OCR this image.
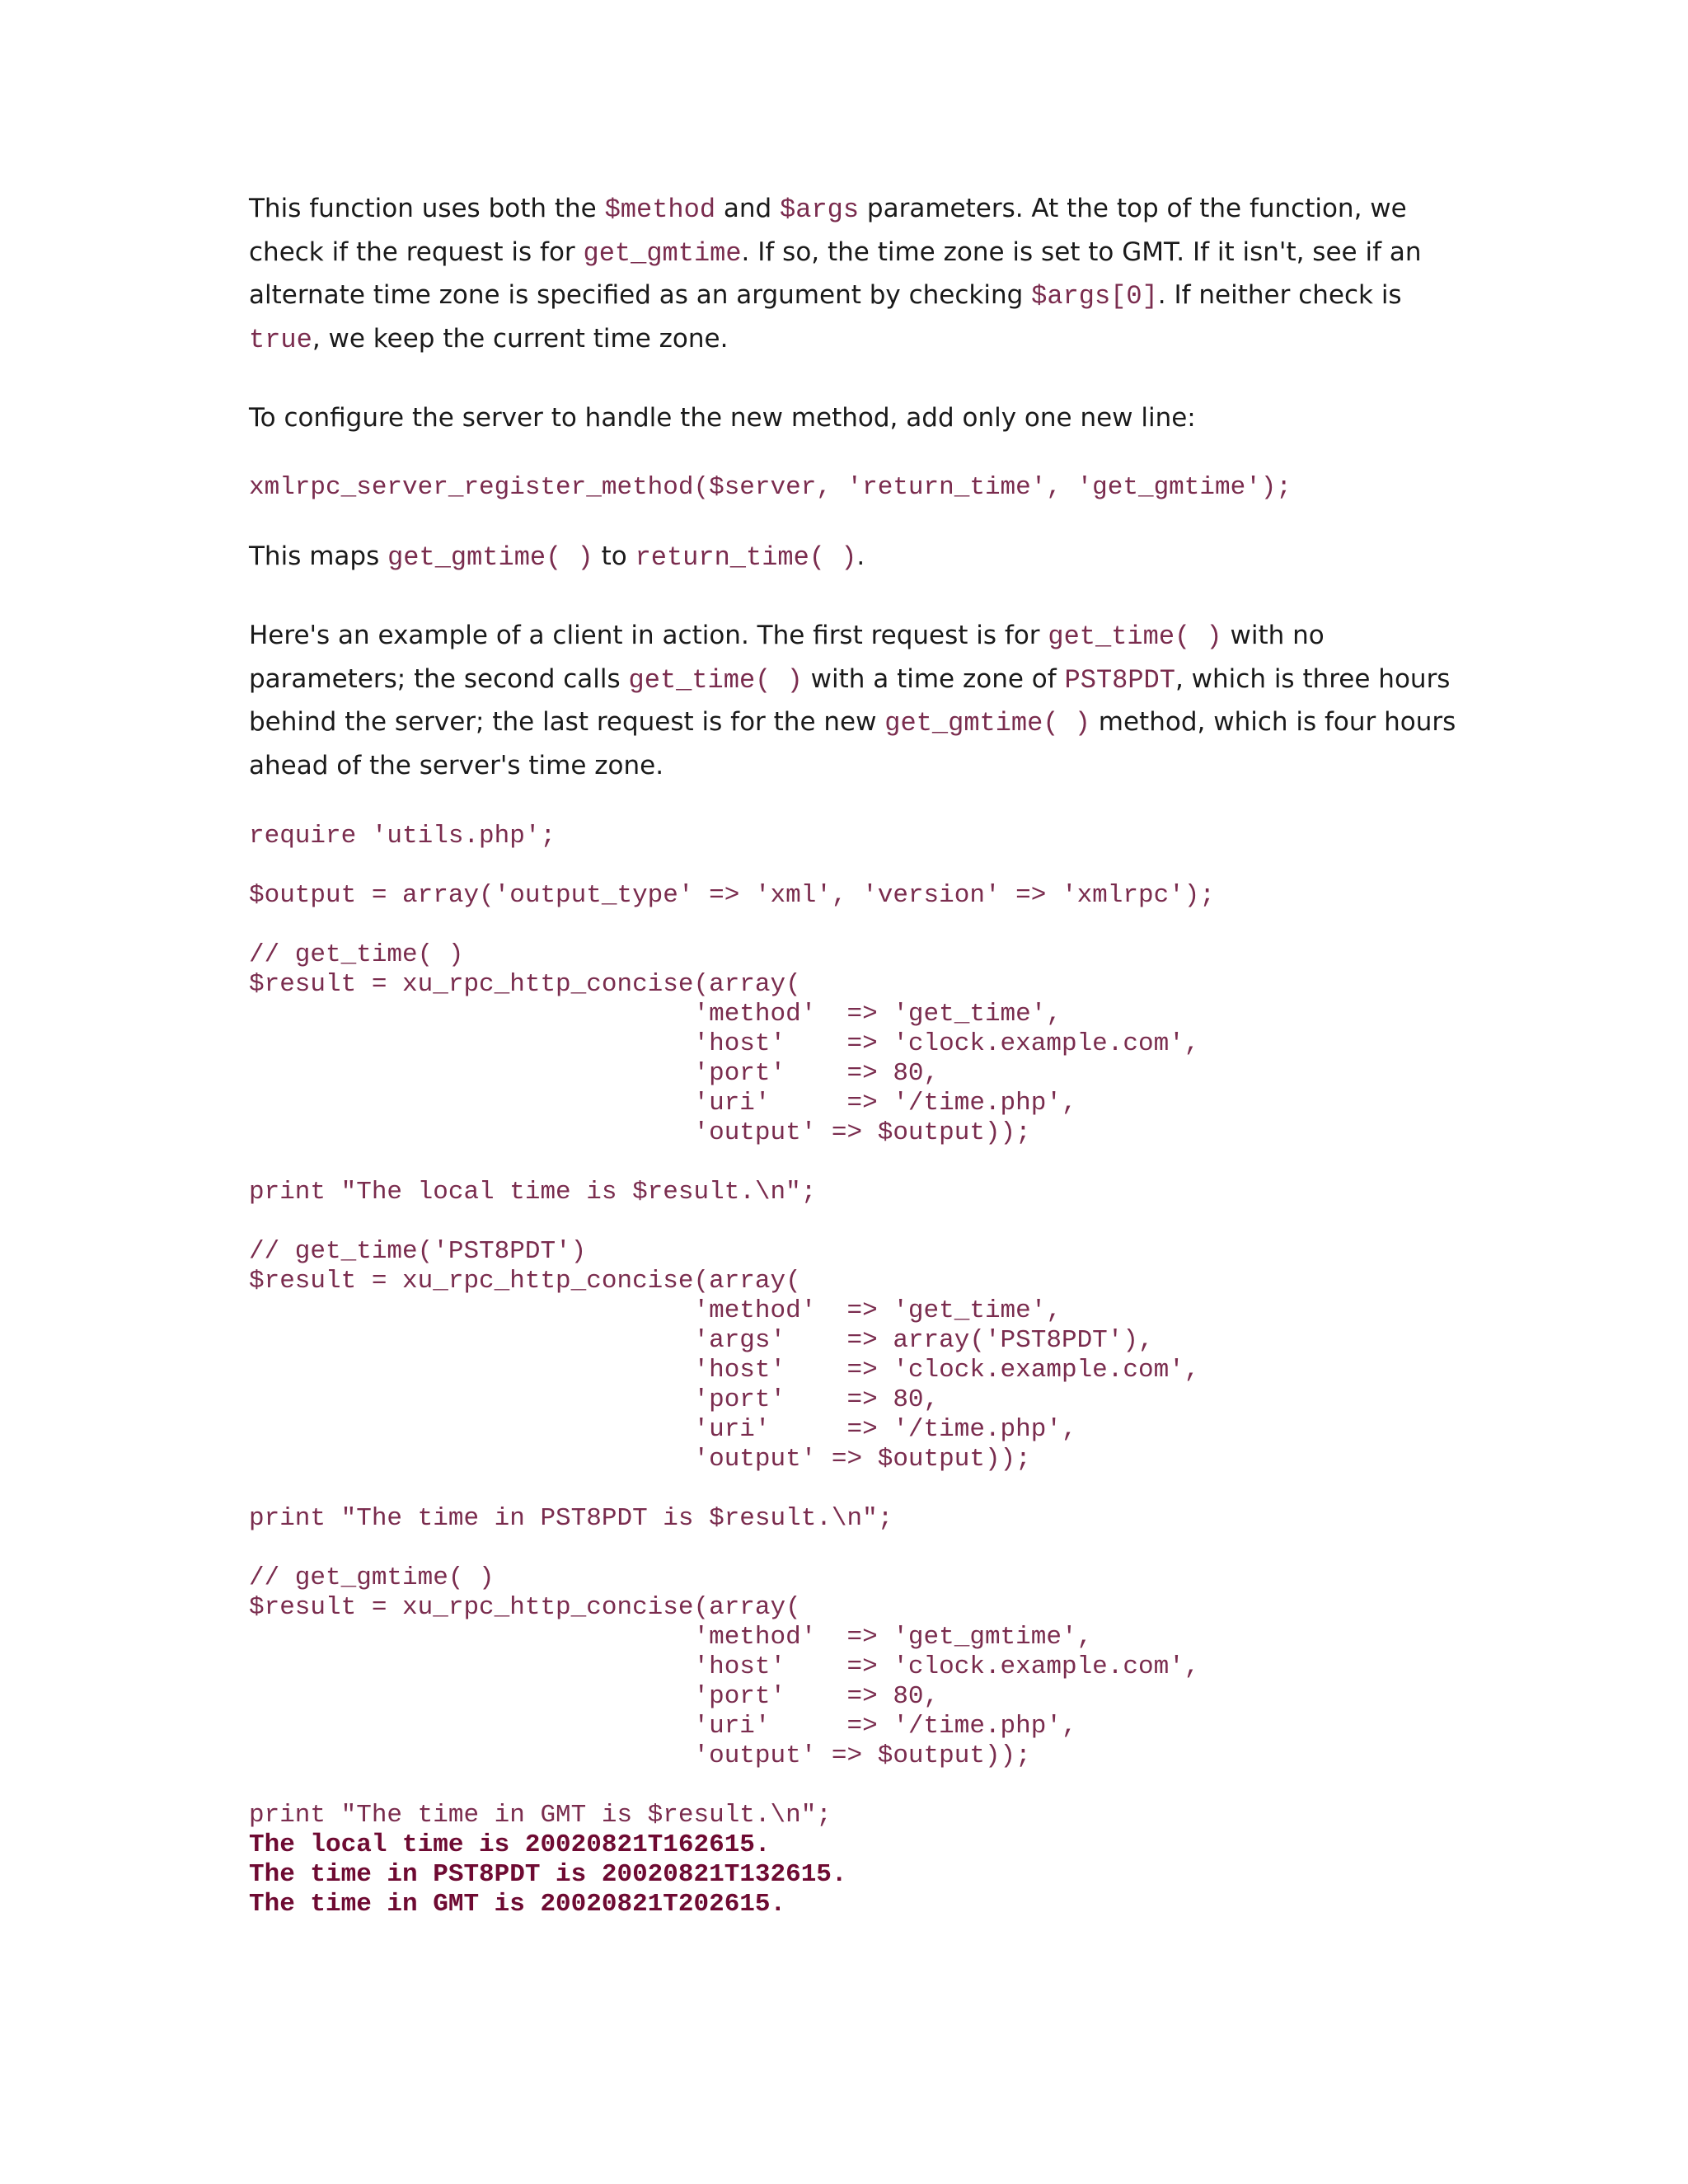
This function uses both the $method and $args parameters. At the top of the function, we check if the request is for get_gmtime. If so, the time zone is set to GMT. If it isn't, see if an alternate time zone is specified as an argument by checking $args[0]. If neither check is true, we keep the current time zone.

To configure the server to handle the new method, add only one new line:

xmlrpc_server_register_method($server, 'return_time', 'get_gmtime');

This maps get_gmtime( ) to return_time( ).

Here's an example of a client in action. The first request is for get_time( ) with no parameters; the second calls get_time( ) with a time zone of PST8PDT, which is three hours behind the server; the last request is for the new get_gmtime( ) method, which is four hours ahead of the server's time zone.

require 'utils.php';

$output = array('output_type' => 'xml', 'version' => 'xmlrpc');

// get_time( )
$result = xu_rpc_http_concise(array(
'method'  => 'get_time',
'host'    => 'clock.example.com',
'port'    => 80,
'uri'     => '/time.php',
'output' => $output));

print "The local time is $result.\n";

// get_time('PST8PDT')
$result = xu_rpc_http_concise(array(
'method'  => 'get_time',
'args'    => array('PST8PDT'),
'host'    => 'clock.example.com',
'port'    => 80,
'uri'     => '/time.php',
'output' => $output));

print "The time in PST8PDT is $result.\n";

// get_gmtime( )
$result = xu_rpc_http_concise(array(
'method'  => 'get_gmtime',
'host'    => 'clock.example.com',
'port'    => 80,
'uri'     => '/time.php',
'output' => $output));

print "The time in GMT is $result.\n";
The local time is 20020821T162615.
The time in PST8PDT is 20020821T132615.
The time in GMT is 20020821T202615.
